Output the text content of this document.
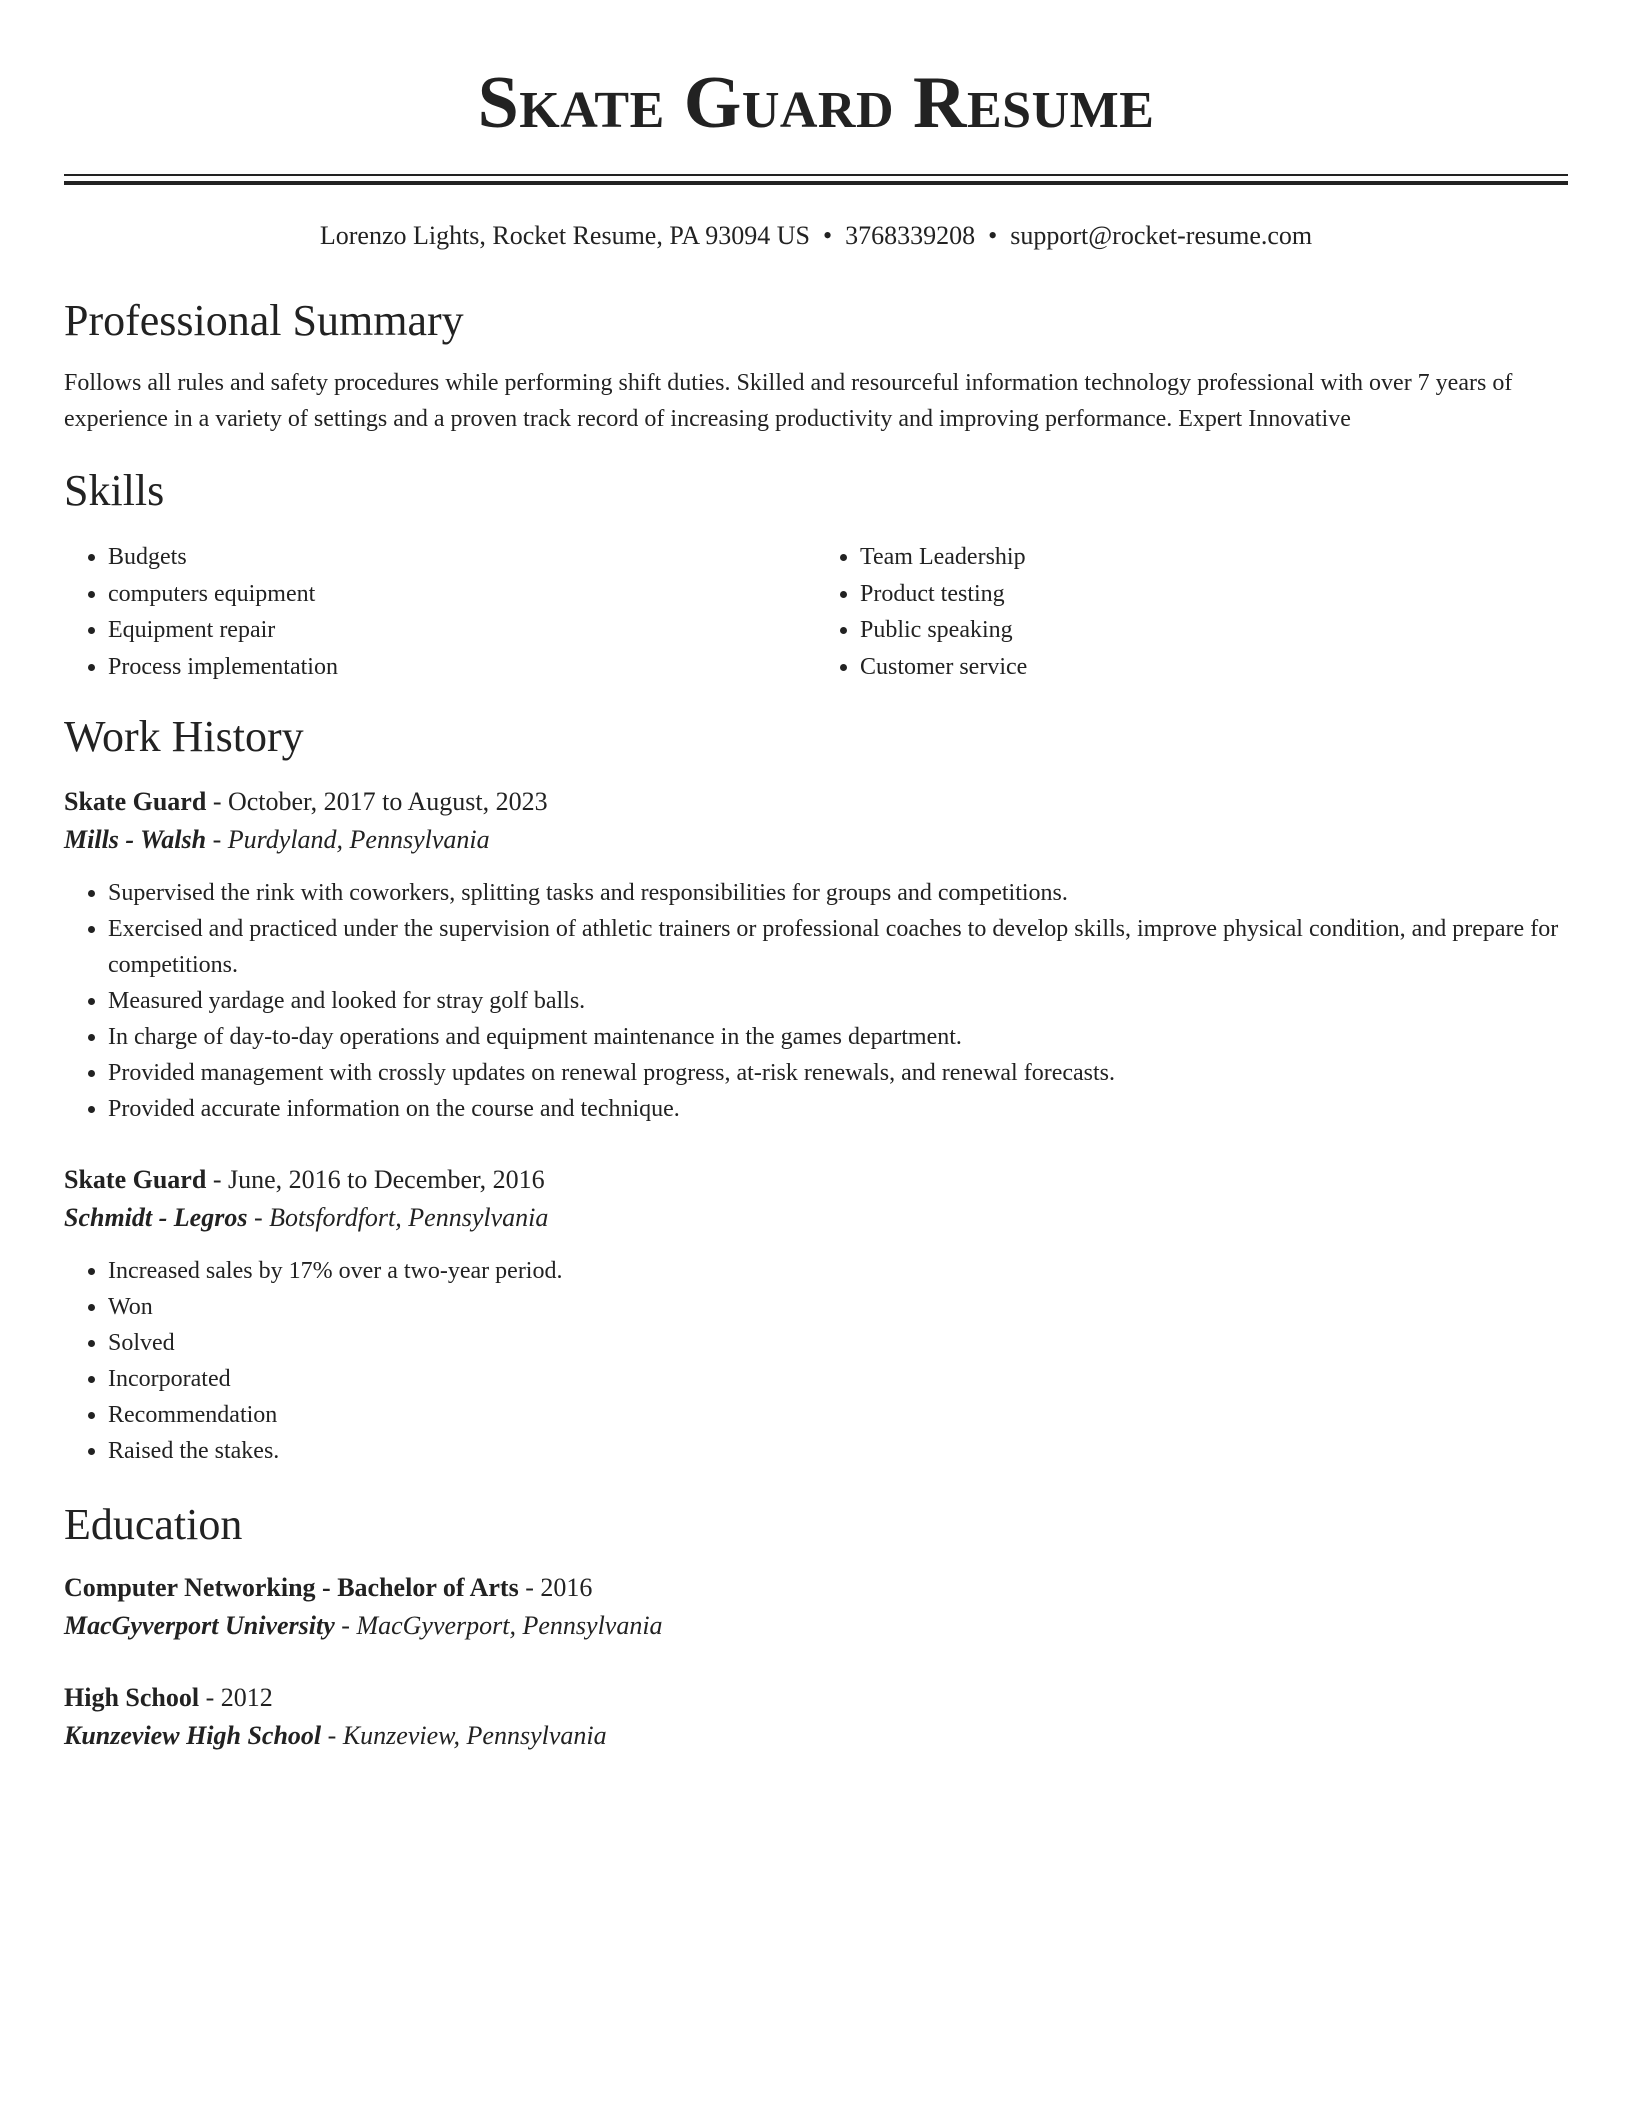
Skate Guard Resume
Lorenzo Lights, Rocket Resume, PA 93094 US • 3768339208 • support@rocket-resume.com
Professional Summary

Follows all rules and safety procedures while performing shift duties. Skilled and resourceful information technology professional with over 7 years of experience in a variety of settings and a proven track record of increasing productivity and improving performance. Expert Innovative

Skills
• Budgets
• computers equipment
• Equipment repair
• Process implementation
• Team Leadership
• Product testing
• Public speaking
• Customer service
Work History
Skate Guard - October, 2017 to August, 2023
Mills - Walsh - Purdyland, Pennsylvania
• Supervised the rink with coworkers, splitting tasks and responsibilities for groups and competitions.
• Exercised and practiced under the supervision of athletic trainers or professional coaches to develop skills, improve physical condition, and prepare for competitions.
• Measured yardage and looked for stray golf balls.
• In charge of day-to-day operations and equipment maintenance in the games department.
• Provided management with crossly updates on renewal progress, at-risk renewals, and renewal forecasts.
• Provided accurate information on the course and technique.
Skate Guard - June, 2016 to December, 2016
Schmidt - Legros - Botsfordfort, Pennsylvania
• Increased sales by 17% over a two-year period.
• Won
• Solved
• Incorporated
• Recommendation
• Raised the stakes.
Education
Computer Networking - Bachelor of Arts - 2016
MacGyverport University - MacGyverport, Pennsylvania
High School - 2012
Kunzeview High School - Kunzeview, Pennsylvania
